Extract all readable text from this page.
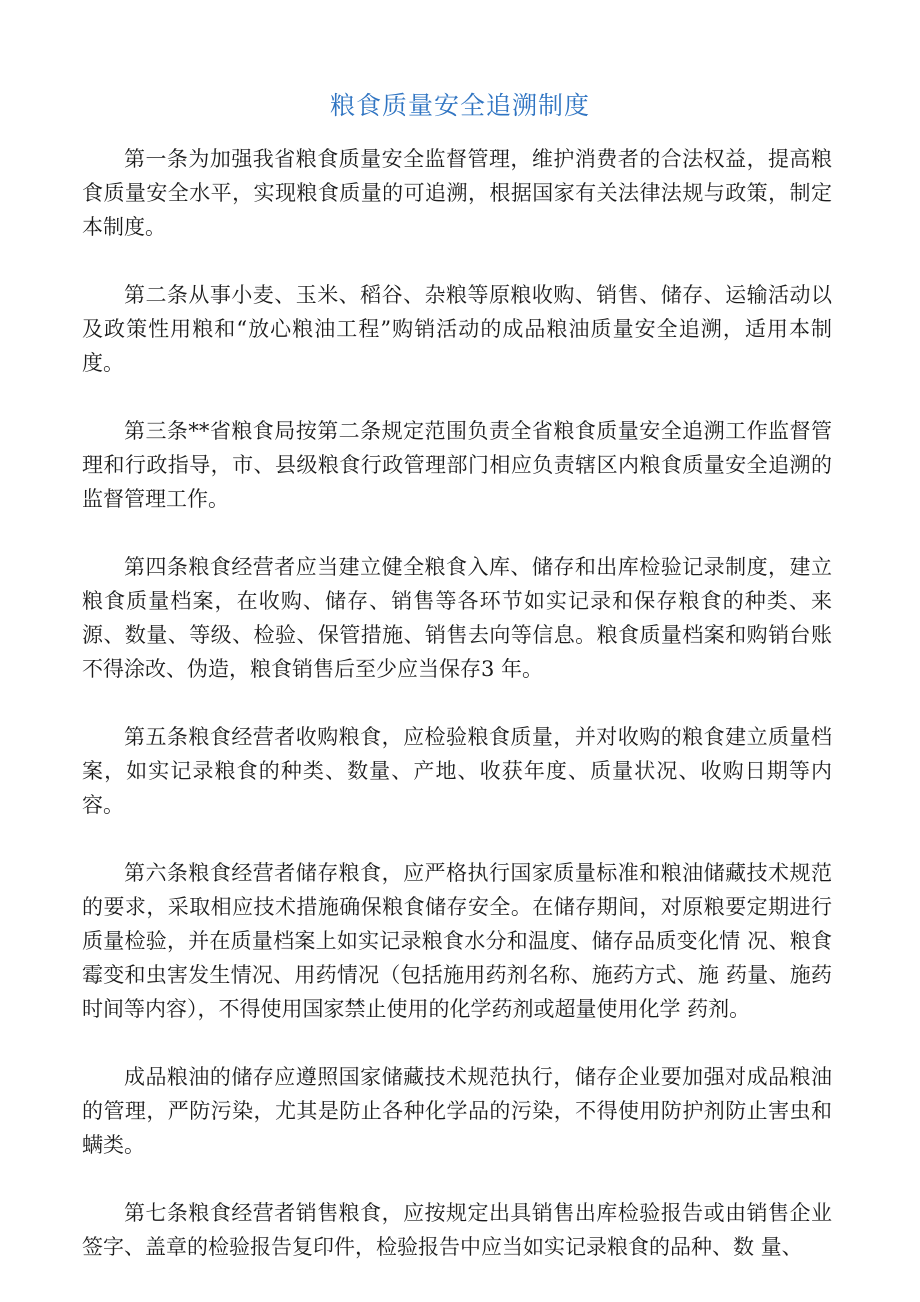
粮食质量安全追溯制度

第一条为加强我省粮食质量安全监督管理，维护消费者的合法权益，提高粮食质量安全水平，实现粮食质量的可追溯，根据国家有关法律法规与政策，制定本制度。

第二条从事小麦、玉米、稻谷、杂粮等原粮收购、销售、储存、运输活动以及政策性用粮和“放心粮油工程”购销活动的成品粮油质量安全追溯，适用本制度。

第三条**省粮食局按第二条规定范围负责全省粮食质量安全追溯工作监督管理和行政指导，市、县级粮食行政管理部门相应负责辖区内粮食质量安全追溯的监督管理工作。

第四条粮食经营者应当建立健全粮食入库、储存和出库检验记录制度，建立粮食质量档案，在收购、储存、销售等各环节如实记录和保存粮食的种类、来源、数量、等级、检验、保管措施、销售去向等信息。粮食质量档案和购销台账不得涂改、伪造，粮食销售后至少应当保存3 年。

第五条粮食经营者收购粮食，应检验粮食质量，并对收购的粮食建立质量档案，如实记录粮食的种类、数量、产地、收获年度、质量状况、收购日期等内容。

第六条粮食经营者储存粮食，应严格执行国家质量标准和粮油储藏技术规范的要求，采取相应技术措施确保粮食储存安全。在储存期间，对原粮要定期进行质量检验，并在质量档案上如实记录粮食水分和温度、储存品质变化情 况、粮食霉变和虫害发生情况、用药情况（包括施用药剂名称、施药方式、施 药量、施药时间等内容），不得使用国家禁止使用的化学药剂或超量使用化学 药剂。

成品粮油的储存应遵照国家储藏技术规范执行，储存企业要加强对成品粮油的管理，严防污染，尤其是防止各种化学品的污染，不得使用防护剂防止害虫和螨类。

第七条粮食经营者销售粮食，应按规定出具销售出库检验报告或由销售企业签字、盖章的检验报告复印件，检验报告中应当如实记录粮食的品种、数 量、
